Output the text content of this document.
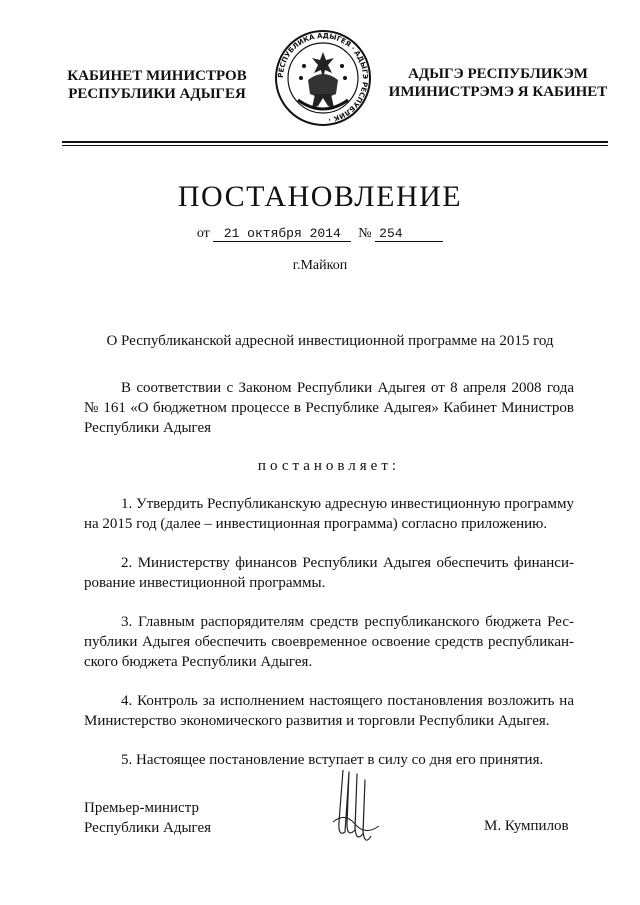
КАБИНЕТ МИНИСТРОВ
РЕСПУБЛИКИ АДЫГЕЯ
РЕСПУБЛИКА АДЫГЕЯ · АДЫГЭ РЕСПУБЛИК ·
АДЫГЭ РЕСПУБЛИКЭМ
ИМИНИСТРЭМЭ Я КАБИНЕТ
ПОСТАНОВЛЕНИЕ
от 21 октября 2014 № 254
г.Майкоп
О Республиканской адресной инвестиционной программе на 2015 год

В соответствии с Законом Республики Адыгея от 8 апреля 2008 года № 161 «О бюджетном процессе в Республике Адыгея» Кабинет Министров Республики Адыгея

постановляет:

1. Утвердить Республиканскую адресную инвестиционную программу на 2015 год (далее – инвестиционная программа) согласно приложению.

2. Министерству финансов Республики Адыгея обеспечить финансирование инвестиционной программы.

3. Главным распорядителям средств республиканского бюджета Республики Адыгея обеспечить своевременное освоение средств республиканского бюджета Республики Адыгея.

4. Контроль за исполнением настоящего постановления возложить на Министерство экономического развития и торговли Республики Адыгея.

5. Настоящее постановление вступает в силу со дня его принятия.

Премьер-министр
Республики Адыгея	М. Кумпилов
